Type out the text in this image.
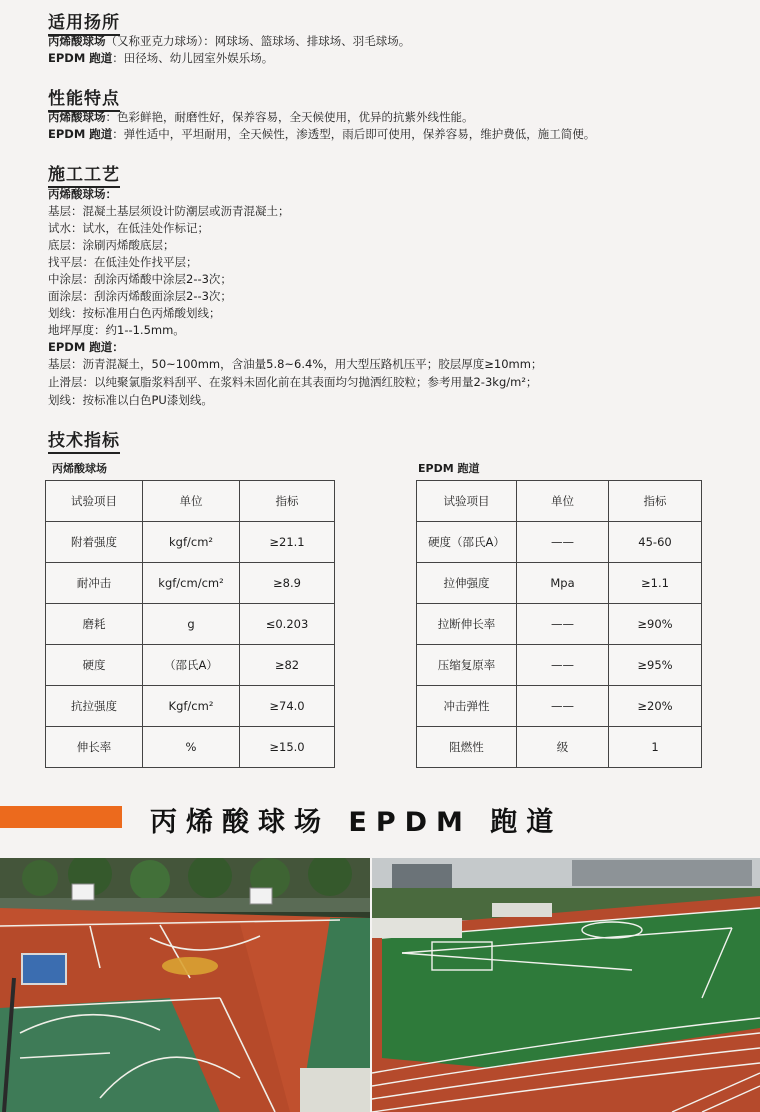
适用扬所
丙烯酸球场（又称亚克力球场）：网球场、篮球场、排球场、羽毛球场。
EPDM 跑道：田径场、幼儿园室外娱乐场。
性能特点
丙烯酸球场：色彩鲜艳，耐磨性好，保养容易，全天候使用，优异的抗紫外线性能。
EPDM 跑道：弹性适中，平坦耐用，全天候性，渗透型，雨后即可使用，保养容易，维护费低，施工简便。
施工工艺
丙烯酸球场：
基层：混凝土基层须设计防潮层或沥青混凝土；
试水：试水，在低洼处作标记；
底层：涂刷丙烯酸底层；
找平层：在低洼处作找平层；
中涂层：刮涂丙烯酸中涂层2--3次；
面涂层：刮涂丙烯酸面涂层2--3次；
划线：按标准用白色丙烯酸划线；
地坪厚度：约1--1.5mm。
EPDM 跑道：
基层：沥青混凝土，50~100mm，含油量5.8~6.4%，用大型压路机压平；胶层厚度≥10mm；
止滑层：以纯聚氯脂浆料刮平、在浆料未固化前在其表面均匀抛洒红胶粒；参考用量2-3kg/m²；
划线：按标准以白色PU漆划线。
技术指标
丙烯酸球场
试验项目	单位	指标
附着强度	kgf/cm²	≥21.1
耐冲击	kgf/cm/cm²	≥8.9
磨耗	g	≤0.203
硬度	（邵氏A）	≥82
抗拉强度	Kgf/cm²	≥74.0
伸长率	%	≥15.0
EPDM 跑道
试验项目	单位	指标
硬度（邵氏A）	——	45-60
拉伸强度	Mpa	≥1.1
拉断伸长率	——	≥90%
压缩复原率	——	≥95%
冲击弹性	——	≥20%
阻燃性	级	1
丙烯酸球场 EPDM 跑道
